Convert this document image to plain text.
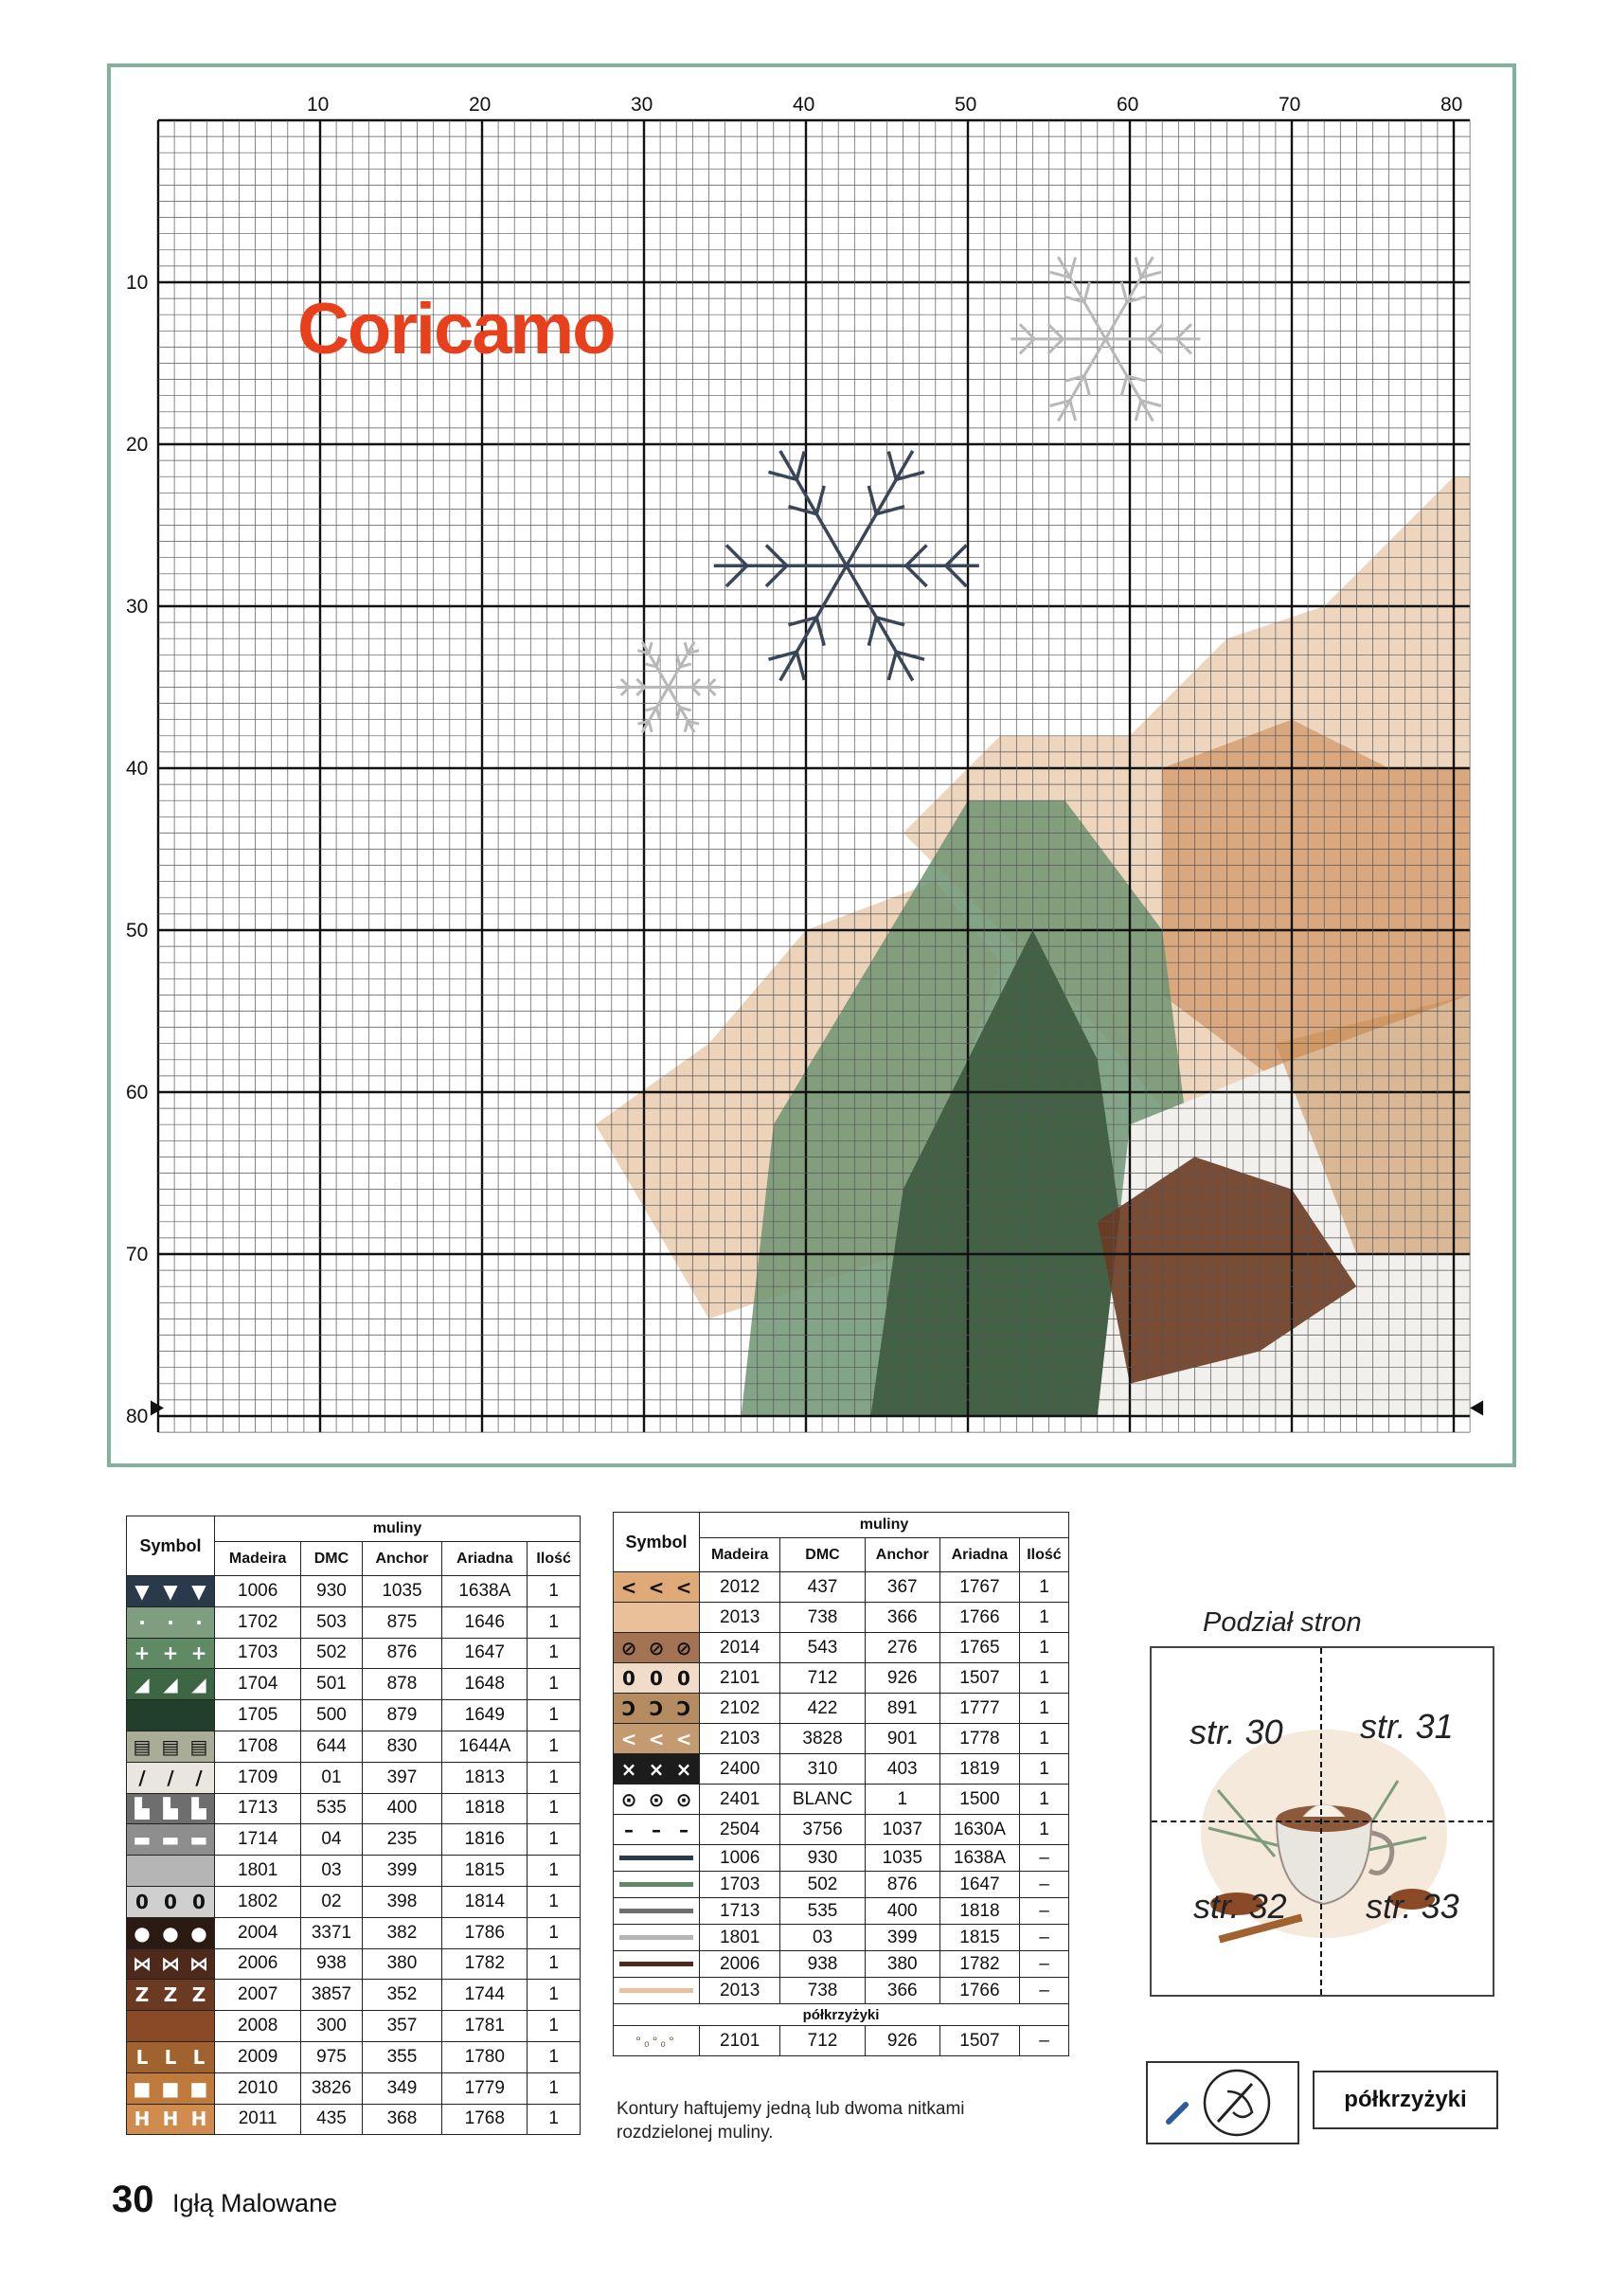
Coricamo
10	20	30	40	50	60	70	80
10
20
30
40
50
60
70
80
Symbol	muliny				
	Madeira	DMC	Anchor	Ariadna	Ilość

▼ ▼ ▼	1006	930	1035	1638A	1

· · ·	1702	503	875	1646	1

+ + +	1703	502	876	1647	1

◢ ◢ ◢	1704	501	878	1648	1

	1705	500	879	1649	1

▤ ▤ ▤	1708	644	830	1644A	1

/ / /	1709	01	397	1813	1

▙ ▙ ▙	1713	535	400	1818	1

▬ ▬ ▬	1714	04	235	1816	1

	1801	03	399	1815	1

0 0 0	1802	02	398	1814	1

● ● ●	2004	3371	382	1786	1

⋈ ⋈ ⋈	2006	938	380	1782	1

Z Z Z	2007	3857	352	1744	1

	2008	300	357	1781	1

L L L	2009	975	355	1780	1

■ ■ ■	2010	3826	349	1779	1

H H H	2011	435	368	1768	1
Symbol	muliny				
	Madeira	DMC	Anchor	Ariadna	Ilość

< < <	2012	437	367	1767	1

	2013	738	366	1766	1

⊘ ⊘ ⊘	2014	543	276	1765	1

0 0 0	2101	712	926	1507	1

Ↄ Ↄ Ↄ	2102	422	891	1777	1

< < <	2103	3828	901	1778	1

× × ×	2400	310	403	1819	1

⊙ ⊙ ⊙	2401	BLANC	1	1500	1

– – –	2504	3756	1037	1630A	1

	1006	930	1035	1638A	–

	1703	502	876	1647	–

	1713	535	400	1818	–

	1801	03	399	1815	–

	2006	938	380	1782	–

	2013	738	366	1766	–
półkrzyżyki					

°₀°₀°	2101	712	926	1507	–
Kontury haftujemy jedną lub dwoma nitkami
rozdzielonej muliny.
Podział stron
str. 30 str. 31
str. 32 str. 33
półkrzyżyki
30 Igłą Malowane
